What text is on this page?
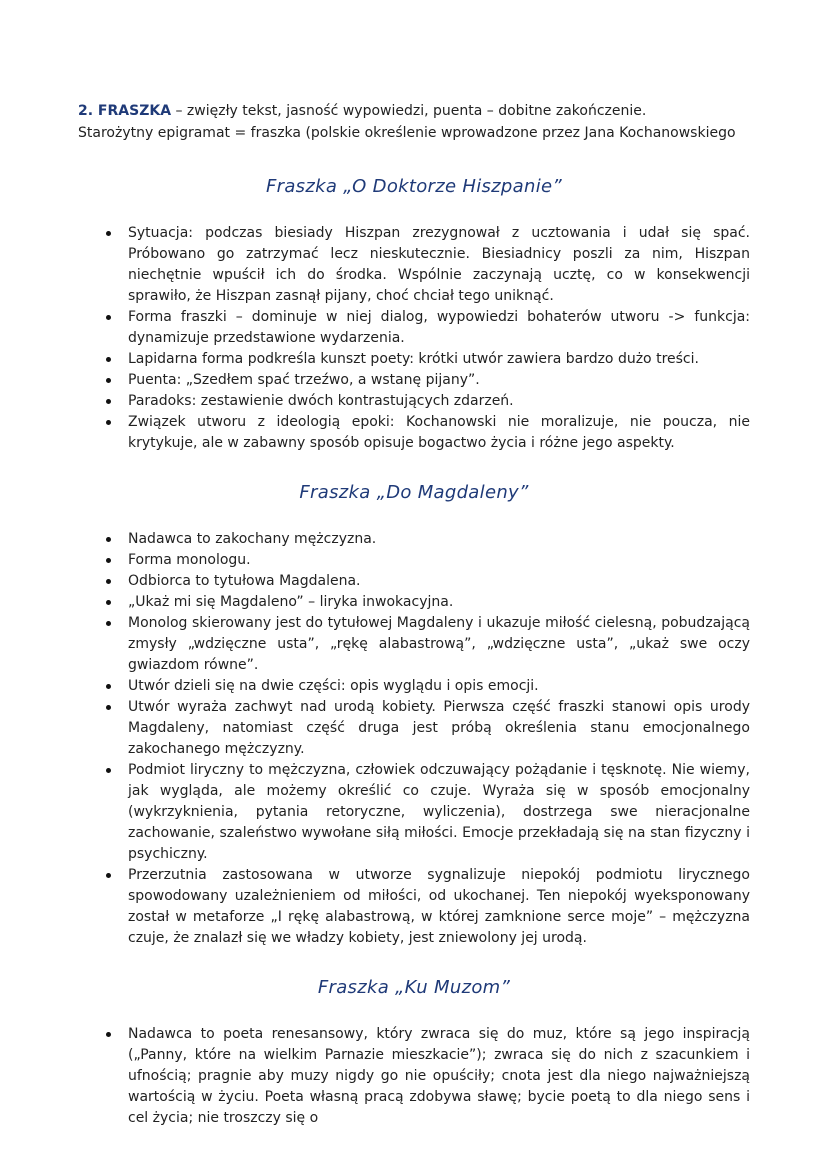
2. FRASZKA – zwięzły tekst, jasność wypowiedzi, puenta – dobitne zakończenie.

Starożytny epigramat = fraszka (polskie określenie wprowadzone przez Jana Kochanowskiego

Fraszka „O Doktorze Hiszpanie”
Sytuacja: podczas biesiady Hiszpan zrezygnował z ucztowania i udał się spać. Próbowano go zatrzymać lecz nieskutecznie. Biesiadnicy poszli za nim, Hiszpan niechętnie wpuścił ich do środka. Wspólnie zaczynają ucztę, co w konsekwencji sprawiło, że Hiszpan zasnął pijany, choć chciał tego uniknąć.
Forma fraszki – dominuje w niej dialog, wypowiedzi bohaterów utworu -> funkcja: dynamizuje przedstawione wydarzenia.
Lapidarna forma podkreśla kunszt poety: krótki utwór zawiera bardzo dużo treści.
Puenta: „Szedłem spać trzeźwo, a wstanę pijany”.
Paradoks: zestawienie dwóch kontrastujących zdarzeń.
Związek utworu z ideologią epoki: Kochanowski nie moralizuje, nie poucza, nie krytykuje, ale w zabawny sposób opisuje bogactwo życia i różne jego aspekty.
Fraszka „Do Magdaleny”
Nadawca to zakochany mężczyzna.
Forma monologu.
Odbiorca to tytułowa Magdalena.
„Ukaż mi się Magdaleno” – liryka inwokacyjna.
Monolog skierowany jest do tytułowej Magdaleny i ukazuje miłość cielesną, pobudzającą zmysły „wdzięczne usta”, „rękę alabastrową”, „wdzięczne usta”, „ukaż swe oczy gwiazdom równe”.
Utwór dzieli się na dwie części: opis wyglądu i opis emocji.
Utwór wyraża zachwyt nad urodą kobiety. Pierwsza część fraszki stanowi opis urody Magdaleny, natomiast część druga jest próbą określenia stanu emocjonalnego zakochanego mężczyzny.
Podmiot liryczny to mężczyzna, człowiek odczuwający pożądanie i tęsknotę. Nie wiemy, jak wygląda, ale możemy określić co czuje. Wyraża się w sposób emocjonalny (wykrzyknienia, pytania retoryczne, wyliczenia), dostrzega swe nieracjonalne zachowanie, szaleństwo wywołane siłą miłości. Emocje przekładają się na stan fizyczny i psychiczny.
Przerzutnia zastosowana w utworze sygnalizuje niepokój podmiotu lirycznego spowodowany uzależnieniem od miłości, od ukochanej. Ten niepokój wyeksponowany został w metaforze „I rękę alabastrową, w której zamknione serce moje” – mężczyzna czuje, że znalazł się we władzy kobiety, jest zniewolony jej urodą.
Fraszka „Ku Muzom”
Nadawca to poeta renesansowy, który zwraca się do muz, które są jego inspiracją („Panny, które na wielkim Parnazie mieszkacie”); zwraca się do nich z szacunkiem i ufnością; pragnie aby muzy nigdy go nie opuściły; cnota jest dla niego najważniejszą wartością w życiu. Poeta własną pracą zdobywa sławę; bycie poetą to dla niego sens i cel życia; nie troszczy się o
